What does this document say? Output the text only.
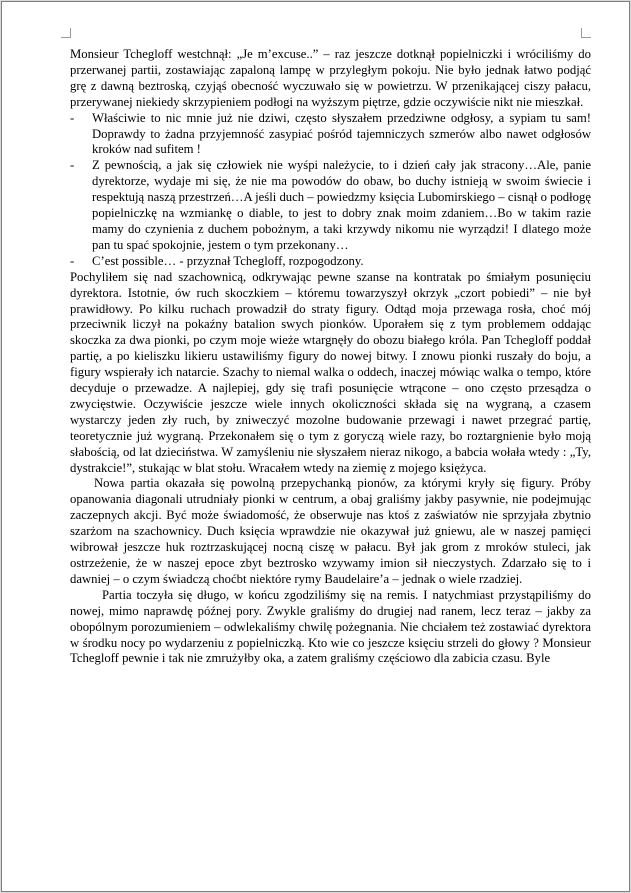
Monsieur Tchegloff westchnął: „Je m’excuse..” – raz jeszcze dotknął popielniczki i wróciliśmy do przerwanej partii, zostawiając zapaloną lampę w przyległym pokoju. Nie było jednak łatwo podjąć grę z dawną beztroską, czyjąś obecność wyczuwało się w powietrzu. W przenikającej ciszy pałacu, przerywanej niekiedy skrzypieniem podłogi na wyższym piętrze, gdzie oczywiście nikt nie mieszkał.

-	Właściwie to nic mnie już nie dziwi, często słyszałem przedziwne odgłosy, a sypiam tu sam! Doprawdy to żadna przyjemność zasypiać pośród tajemniczych szmerów albo nawet odgłosów kroków nad sufitem !
-	Z pewnością, a jak się człowiek nie wyśpi należycie, to i dzień cały jak stracony…Ale, panie dyrektorze, wydaje mi się, że nie ma powodów do obaw, bo duchy istnieją w swoim świecie i respektują naszą przestrzeń…A jeśli duch – powiedzmy księcia Lubomirskiego – cisnął o podłogę popielniczkę na wzmiankę o diable, to jest to dobry znak moim zdaniem…Bo w takim razie mamy do czynienia z duchem pobożnym, a taki krzywdy nikomu nie wyrządzi! I dlatego może pan tu spać spokojnie, jestem o tym przekonany…
-	C’est possible… - przyznał Tchegloff, rozpogodzony.

Pochyliłem się nad szachownicą, odkrywając pewne szanse na kontratak po śmiałym posunięciu dyrektora. Istotnie, ów ruch skoczkiem – któremu towarzyszył okrzyk „czort pobiedi” – nie był prawidłowy. Po kilku ruchach prowadził do straty figury. Odtąd moja przewaga rosła, choć mój przeciwnik liczył na pokaźny batalion swych pionków. Uporałem się z tym problemem oddając skoczka za dwa pionki, po czym moje wieże wtargnęły do obozu białego króla. Pan Tchegloff poddał partię, a po kieliszku likieru ustawiliśmy figury do nowej bitwy. I znowu pionki ruszały do boju, a figury wspierały ich natarcie. Szachy to niemal walka o oddech, inaczej mówiąc walka o tempo, które decyduje o przewadze. A najlepiej, gdy się trafi posunięcie wtrącone – ono często przesądza o zwycięstwie. Oczywiście jeszcze wiele innych okoliczności składa się na wygraną, a czasem wystarczy jeden zły ruch, by zniweczyć mozolne budowanie przewagi i nawet przegrać partię, teoretycznie już wygraną. Przekonałem się o tym z goryczą wiele razy, bo roztargnienie było moją słabością, od lat dzieciństwa. W zamyśleniu nie słyszałem nieraz nikogo, a babcia wołała wtedy : „Ty, dystrakcie!”, stukając w blat stołu. Wracałem wtedy na ziemię z mojego księżyca.

Nowa partia okazała się powolną przepychanką pionów, za którymi kryły się figury. Próby opanowania diagonali utrudniały pionki w centrum, a obaj graliśmy jakby pasywnie, nie podejmując zaczepnych akcji. Być może świadomość, że obserwuje nas ktoś z zaświatów nie sprzyjała zbytnio szarżom na szachownicy. Duch księcia wprawdzie nie okazywał już gniewu, ale w naszej pamięci wibrował jeszcze huk roztrzaskującej nocną ciszę w pałacu. Był jak grom z mroków stuleci, jak ostrzeżenie, że w naszej epoce zbyt beztrosko wzywamy imion sił nieczystych. Zdarzało się to i dawniej – o czym świadczą choćbt niektóre rymy Baudelaire’a – jednak o wiele rzadziej.

Partia toczyła się długo, w końcu zgodziliśmy się na remis. I natychmiast przystąpiliśmy do nowej, mimo naprawdę późnej pory. Zwykle graliśmy do drugiej nad ranem, lecz teraz – jakby za obopólnym porozumieniem – odwlekaliśmy chwilę pożegnania. Nie chciałem też zostawiać dyrektora w środku nocy po wydarzeniu z popielniczką. Kto wie co jeszcze księciu strzeli do głowy ? Monsieur Tchegloff pewnie i tak nie zmrużyłby oka, a zatem graliśmy częściowo dla zabicia czasu. Byle
